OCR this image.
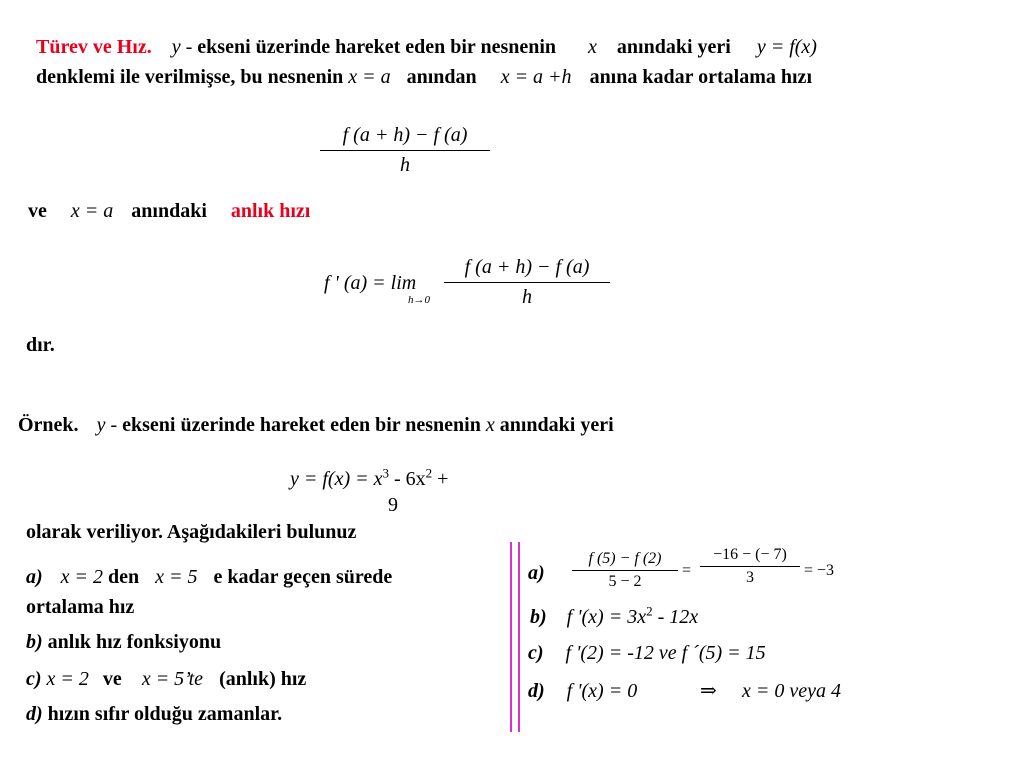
Türev ve Hız. y - ekseni üzerinde hareket eden bir nesnenin x anındaki yeri y = f(x)
denklemi ile verilmişse, bu nesnenin x = a anından x = a +h anına kadar ortalama hızı
f (a + h) − f (a)
h
ve x = a anındaki anlık hızı
f ' (a) = lim
h→0
f (a + h) − f (a)
h
dır.
Örnek. y - ekseni üzerinde hareket eden bir nesnenin x anındaki yeri
$y = f(x) = x^3 - 6x^2$ +
9
olarak veriliyor. Aşağıdakileri bulunuz
a) x = 2 den x = 5 e kadar geçen sürede
ortalama hız
b) anlık hız fonksiyonu
c) x = 2 ve x = 5’te (anlık) hız
d) hızın sıfır olduğu zamanlar.
a)
f (5) − f (2)
5 − 2
=
−16 − (− 7)
3	= −3
b) f '$(x) = 3x^2 - 12x$
c) f '(2) = -12 ve f ´(5) = 15
d) f '(x) = 0	⇒ x = 0 veya 4
